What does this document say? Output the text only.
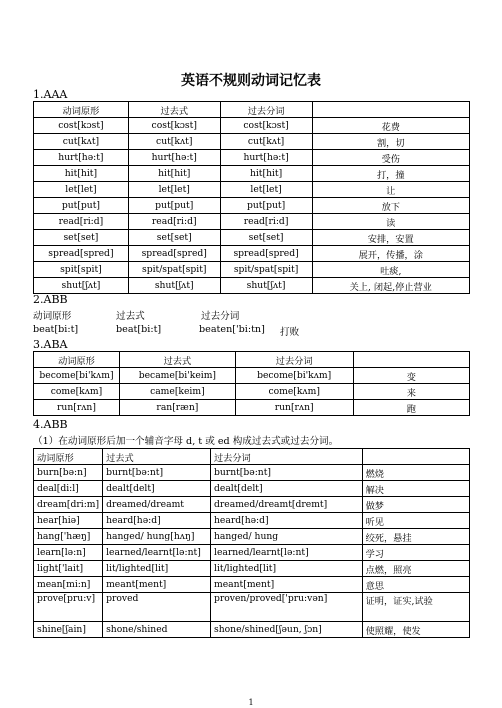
英语不规则动词记忆表
1.AAA
动词原形	过去式	过去分词	
cost[kɔst]	cost[kɔst]	cost[kɔst]	花费
cut[kʌt]	cut[kʌt]	cut[kʌt]	割，切
hurt[hə:t]	hurt[hə:t]	hurt[hə:t]	受伤
hit[hit]	hit[hit]	hit[hit]	打，撞
let[let]	let[let]	let[let]	让
put[put]	put[put]	put[put]	放下
read[ri:d]	read[ri:d]	read[ri:d]	读
set[set]	set[set]	set[set]	安排，安置
spread[spred]	spread[spred]	spread[spred]	展开，传播，涂
spit[spit]	spit/spat[spit]	spit/spat[spit]	吐痰,
shut[ʃʌt]	shut[ʃʌt]	shut[ʃʌt]	关上, 闭起,停止营业
2.ABB
动词原形	过去式	过去分词
beat[bi:t]	beat[bi:t]	beaten['bi:tn] 打败
3.ABA
动词原形	过去式	过去分词	
become[bi'kʌm]	became[bi'keim]	become[bi'kʌm]	变
come[kʌm]	came[keim]	come[kʌm]	来
run[rʌn]	ran[ræn]	run[rʌn]	跑
4.ABB
（1）在动词原形后加一个辅音字母 d, t 或 ed 构成过去式或过去分词。
动词原形	过去式	过去分词	
burn[bə:n]	burnt[bə:nt]	burnt[bə:nt]	燃烧
deal[di:l]	dealt[delt]	dealt[delt]	解决
dream[dri:m]	dreamed/dreamt	dreamed/dreamt[dremt]	做梦
hear[hiə]	heard[hə:d]	heard[hə:d]	听见
hang['hæŋ]	hanged/ hung[hʌŋ]	hanged/ hung	绞死，悬挂
learn[lə:n]	learned/learnt[lə:nt]	learned/learnt[lə:nt]	学习
light['lait]	lit/lighted[lit]	lit/lighted[lit]	点燃，照亮
mean[mi:n]	meant[ment]	meant[ment]	意思
prove[pru:v]	proved	proven/proved['pru:vən]	证明，证实,试验
shine[ʃain]	shone/shined	shone/shined[ʃəun, ʃɔn]	使照耀，使发
1
